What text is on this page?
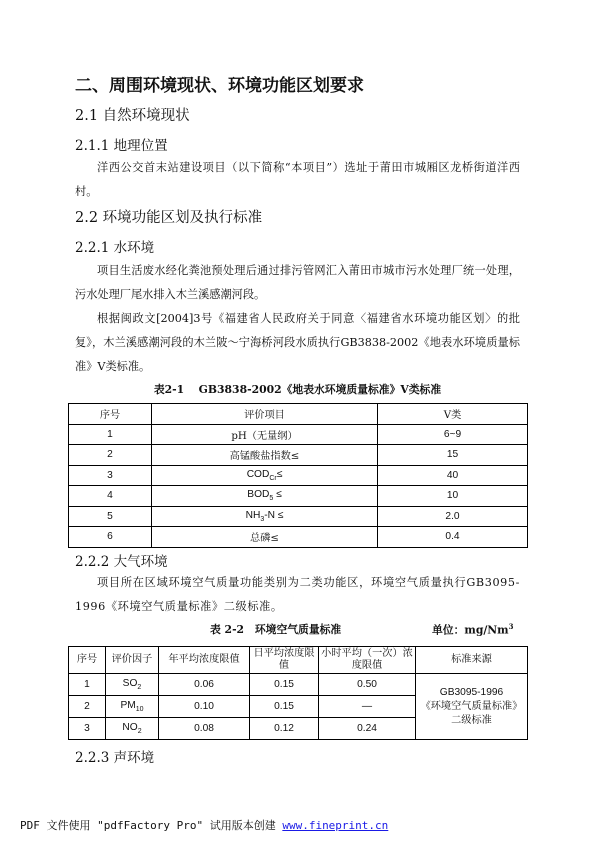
二、周围环境现状、环境功能区划要求
2.1 自然环境现状
2.1.1 地理位置
洋西公交首末站建设项目（以下简称“本项目”）选址于莆田市城厢区龙桥街道洋西村。
2.2 环境功能区划及执行标准
2.2.1 水环境
项目生活废水经化粪池预处理后通过排污管网汇入莆田市城市污水处理厂统一处理，污水处理厂尾水排入木兰溪感潮河段。
根据闽政文[2004]3号《福建省人民政府关于同意〈福建省水环境功能区划〉的批复》，木兰溪感潮河段的木兰陂～宁海桥河段水质执行GB3838-2002《地表水环境质量标准》V类标准。
表2-1　 GB3838-2002《地表水环境质量标准》V类标准
序号	评价项目	V类
1	pH（无量纲）	6~9
2	高锰酸盐指数≤	15
3	$COD_{Cr}\le$	40
4	$BOD_5$ ≤	10
5	$NH_3-N$ ≤	2.0
6	总磷≤	0.4
2.2.2 大气环境
项目所在区域环境空气质量功能类别为二类功能区，环境空气质量执行GB3095-1996《环境空气质量标准》二级标准。
表 2-2　环境空气质量标准	单位：mg/Nm$^3$
序号	评价因子	年平均浓度限值	日平均浓度限值	小时平均（一次）浓度限值	标准来源
1	$SO_2$	0.06	0.15	0.50	GB3095-1996
《环境空气质量标准》
二级标准

2	$PM_{10}$	0.10	0.15	—	
3	$NO_2$	0.08	0.12	0.24	
2.2.3 声环境
PDF 文件使用 "pdfFactory Pro" 试用版本创建 www.fineprint.cn
